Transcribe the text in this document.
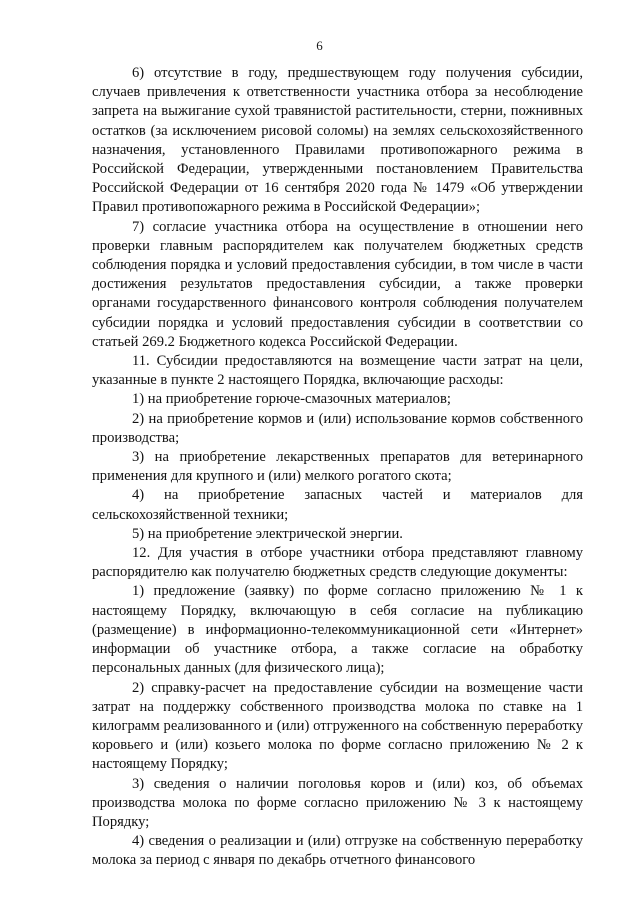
6

6) отсутствие в году, предшествующем году получения субсидии, случаев привлечения к ответственности участника отбора за несоблюдение запрета на выжигание сухой травянистой растительности, стерни, пожнивных остатков (за исключением рисовой соломы) на землях сельскохозяйственного назначения, установленного Правилами противопожарного режима в Российской Федерации, утвержденными постановлением Правительства Российской Федерации от 16 сентября 2020 года № 1479 «Об утверждении Правил противопожарного режима в Российской Федерации»;

7) согласие участника отбора на осуществление в отношении него проверки главным распорядителем как получателем бюджетных средств соблюдения порядка и условий предоставления субсидии, в том числе в части достижения результатов предоставления субсидии, а также проверки органами государственного финансового контроля соблюдения получателем субсидии порядка и условий предоставления субсидии в соответствии со статьей 269.2 Бюджетного кодекса Российской Федерации.

11. Субсидии предоставляются на возмещение части затрат на цели, указанные в пункте 2 настоящего Порядка, включающие расходы:

1) на приобретение горюче-смазочных материалов;

2) на приобретение кормов и (или) использование кормов собственного производства;

3) на приобретение лекарственных препаратов для ветеринарного применения для крупного и (или) мелкого рогатого скота;

4) на приобретение запасных частей и материалов для сельскохозяйственной техники;

5) на приобретение электрической энергии.

12. Для участия в отборе участники отбора представляют главному распорядителю как получателю бюджетных средств следующие документы:

1) предложение (заявку) по форме согласно приложению № 1 к настоящему Порядку, включающую в себя согласие на публикацию (размещение) в информационно-телекоммуникационной сети «Интернет» информации об участнике отбора, а также согласие на обработку персональных данных (для физического лица);

2) справку-расчет на предоставление субсидии на возмещение части затрат на поддержку собственного производства молока по ставке на 1 килограмм реализованного и (или) отгруженного на собственную переработку коровьего и (или) козьего молока по форме согласно приложению № 2 к настоящему Порядку;

3) сведения о наличии поголовья коров и (или) коз, об объемах производства молока по форме согласно приложению № 3 к настоящему Порядку;

4) сведения о реализации и (или) отгрузке на собственную переработку молока за период с января по декабрь отчетного финансового
